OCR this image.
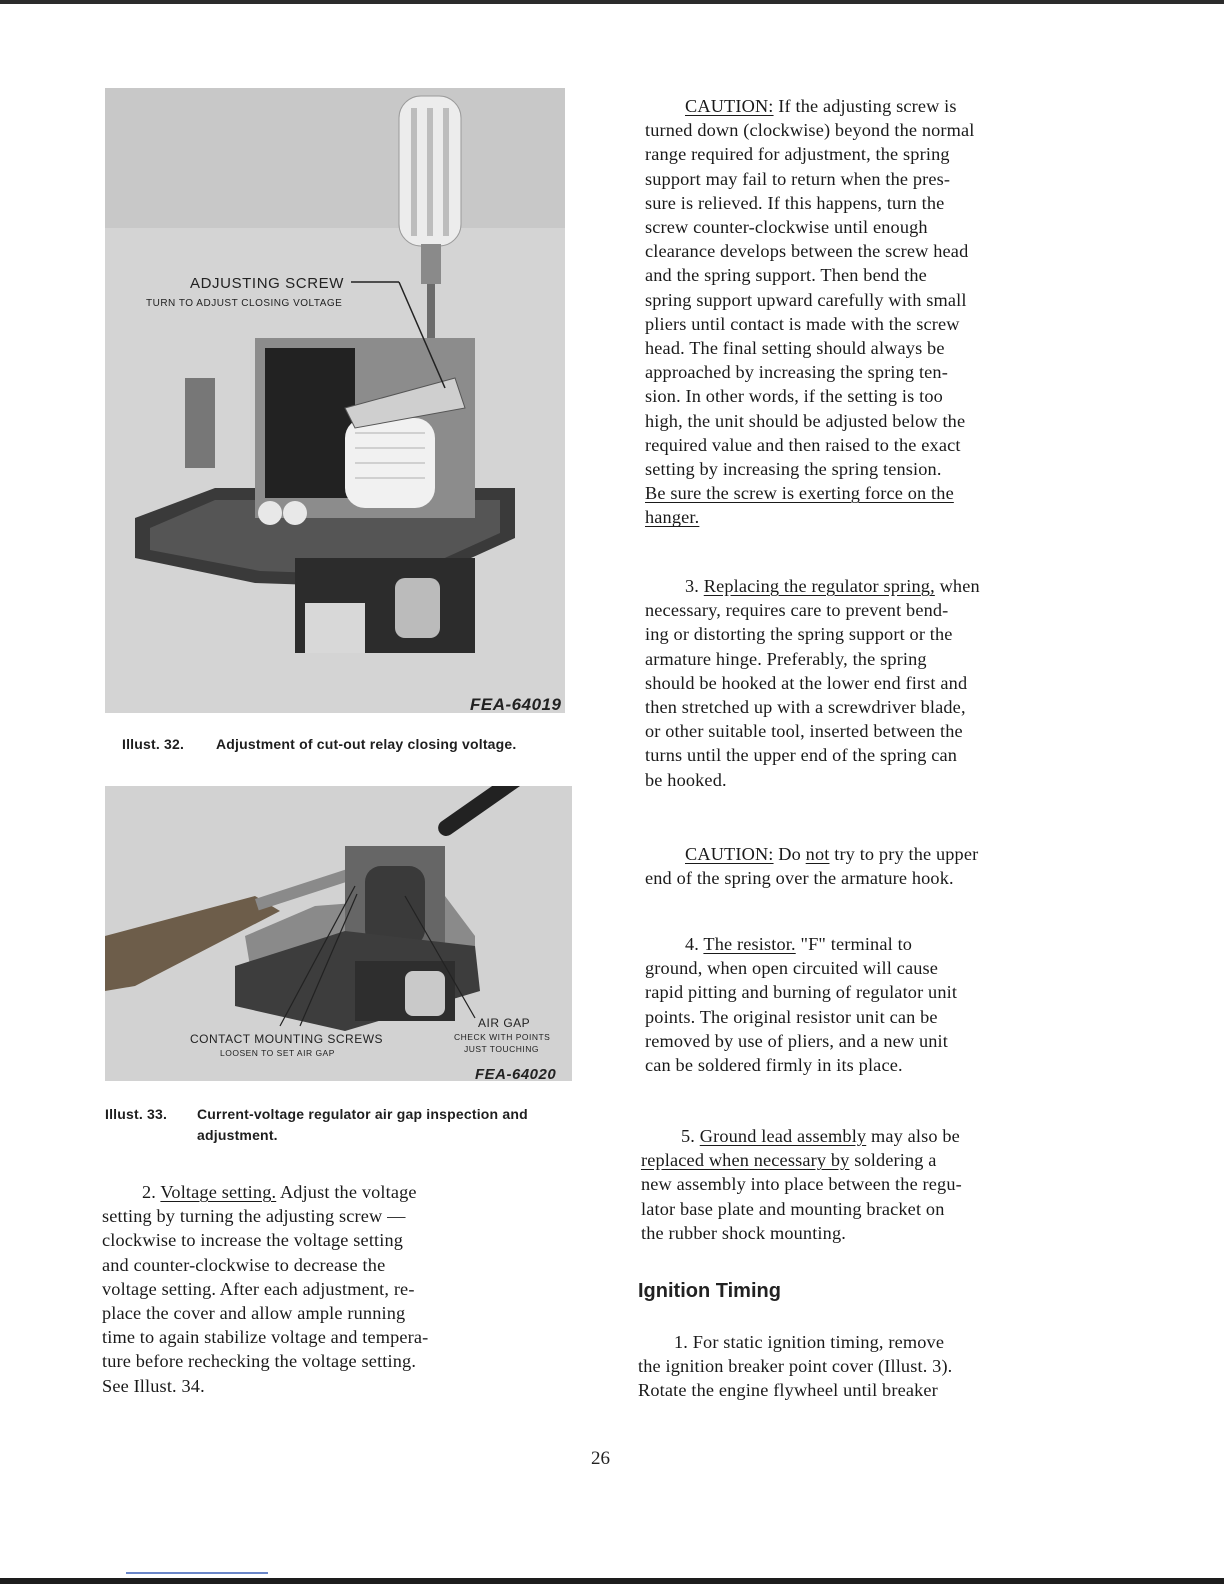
ADJUSTING SCREW
TURN TO ADJUST CLOSING VOLTAGE
FEA-64019
Illust. 32. Adjustment of cut-out relay closing voltage.
CONTACT MOUNTING SCREWS
LOOSEN TO SET AIR GAP
AIR GAP
CHECK WITH POINTS
JUST TOUCHING
FEA-64020
Illust. 33. Current-voltage regulator air gap inspection and
adjustment.

2. Voltage setting. Adjust the voltage

setting by turning the adjusting screw —

clockwise to increase the voltage setting

and counter-clockwise to decrease the

voltage setting. After each adjustment, re-

place the cover and allow ample running

time to again stabilize voltage and tempera-

ture before rechecking the voltage setting.

See Illust. 34.

CAUTION: If the adjusting screw is

turned down (clockwise) beyond the normal

range required for adjustment, the spring

support may fail to return when the pres-

sure is relieved. If this happens, turn the

screw counter-clockwise until enough

clearance develops between the screw head

and the spring support. Then bend the

spring support upward carefully with small

pliers until contact is made with the screw

head. The final setting should always be

approached by increasing the spring ten-

sion. In other words, if the setting is too

high, the unit should be adjusted below the

required value and then raised to the exact

setting by increasing the spring tension.

Be sure the screw is exerting force on the

hanger.

3. Replacing the regulator spring, when

necessary, requires care to prevent bend-

ing or distorting the spring support or the

armature hinge. Preferably, the spring

should be hooked at the lower end first and

then stretched up with a screwdriver blade,

or other suitable tool, inserted between the

turns until the upper end of the spring can

be hooked.

CAUTION: Do not try to pry the upper

end of the spring over the armature hook.

4. The resistor. "F" terminal to

ground, when open circuited will cause

rapid pitting and burning of regulator unit

points. The original resistor unit can be

removed by use of pliers, and a new unit

can be soldered firmly in its place.

5. Ground lead assembly may also be

replaced when necessary by soldering a

new assembly into place between the regu-

lator base plate and mounting bracket on

the rubber shock mounting.

Ignition Timing

1. For static ignition timing, remove

the ignition breaker point cover (Illust. 3).

Rotate the engine flywheel until breaker

26
